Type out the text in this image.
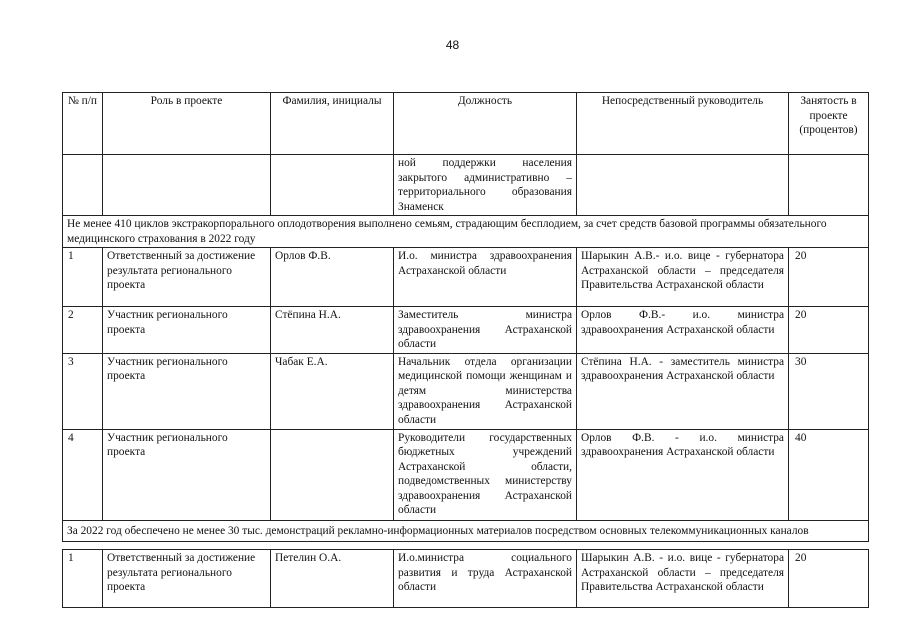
48
№ п/п	Роль в проекте	Фамилия, инициалы	Должность	Непосредственный руководитель	Занятость в проекте (процентов)
			ной поддержки населения закрытого административно – территориального образования Знаменск		
Не менее 410 циклов экстракорпорального оплодотворения выполнено семьям, страдающим бесплодием, за счет средств базовой программы обязательного медицинского страхования в 2022 году					
1	Ответственный за достижение результата регионального проекта	Орлов Ф.В.	И.о. министра здравоохранения Астраханской области	Шарыкин А.В.- и.о. вице - губернатора Астраханской области – председателя Правительства Астраханской области	20
2	Участник регионального проекта	Стёпина Н.А.	Заместитель министра здравоохранения Астраханской области	Орлов Ф.В.- и.о. министра здравоохранения Астраханской области	20
3	Участник регионального проекта	Чабак Е.А.	Начальник отдела организации медицинской помощи женщинам и детям министерства здравоохранения Астраханской области	Стёпина Н.А. - заместитель министра здравоохранения Астраханской области	30
4	Участник регионального проекта		Руководители государственных бюджетных учреждений Астраханской области, подведомственных министерству здравоохранения Астраханской области	Орлов Ф.В. - и.о. министра здравоохранения Астраханской области	40
За 2022 год обеспечено не менее 30 тыс. демонстраций рекламно-информационных материалов посредством основных телекоммуникационных каналов					

1	Ответственный за достижение результата регионального проекта	Петелин О.А.	И.о.министра социального развития и труда Астраханской области	Шарыкин А.В. - и.о. вице - губернатора Астраханской области – председателя Правительства Астраханской области	20
